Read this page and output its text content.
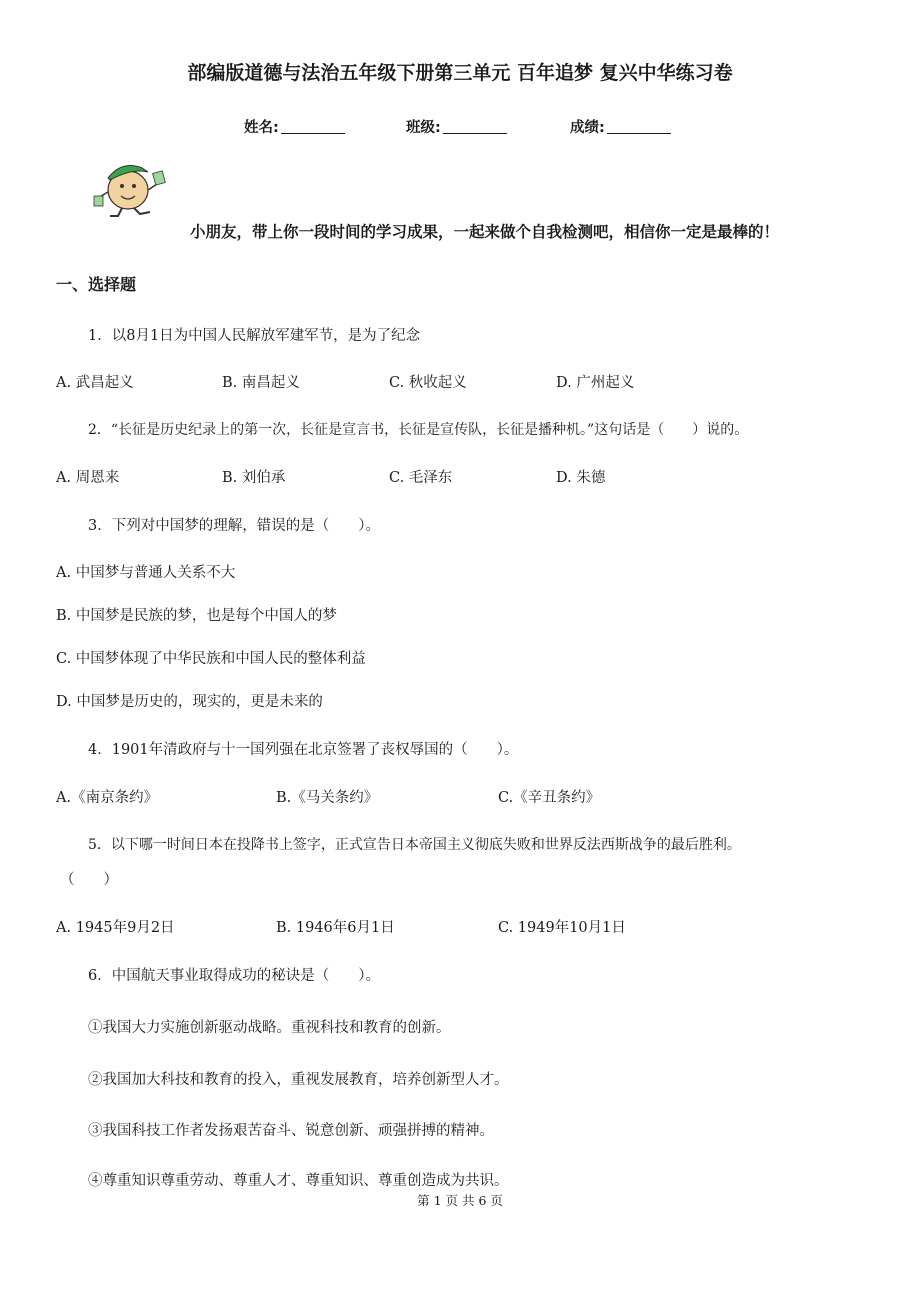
部编版道德与法治五年级下册第三单元 百年追梦 复兴中华练习卷
姓名:	班级:	成绩:
小朋友，带上你一段时间的学习成果，一起来做个自我检测吧，相信你一定是最棒的！
一、选择题
1．以8月1日为中国人民解放军建军节，是为了纪念
A. 武昌起义	B. 南昌起义	C. 秋收起义	D. 广州起义
2．“长征是历史纪录上的第一次，长征是宣言书，长征是宣传队，长征是播种机。”这句话是（　　）说的。
A. 周恩来	B. 刘伯承	C. 毛泽东	D. 朱德
3．下列对中国梦的理解，错误的是（　　）。
A. 中国梦与普通人关系不大
B. 中国梦是民族的梦，也是每个中国人的梦
C. 中国梦体现了中华民族和中国人民的整体利益
D. 中国梦是历史的，现实的，更是未来的
4．1901年清政府与十一国列强在北京签署了丧权辱国的（　　）。
A.《南京条约》	B.《马关条约》	C.《辛丑条约》
5．以下哪一时间日本在投降书上签字，正式宣告日本帝国主义彻底失败和世界反法西斯战争的最后胜利。
（　　）
A. 1945年9月2日	B. 1946年6月1日	C. 1949年10月1日
6．中国航天事业取得成功的秘诀是（　　）。
①我国大力实施创新驱动战略。重视科技和教育的创新。
②我国加大科技和教育的投入，重视发展教育，培养创新型人才。
③我国科技工作者发扬艰苦奋斗、锐意创新、顽强拼搏的精神。
④尊重知识尊重劳动、尊重人才、尊重知识、尊重创造成为共识。
第 1 页 共 6 页
